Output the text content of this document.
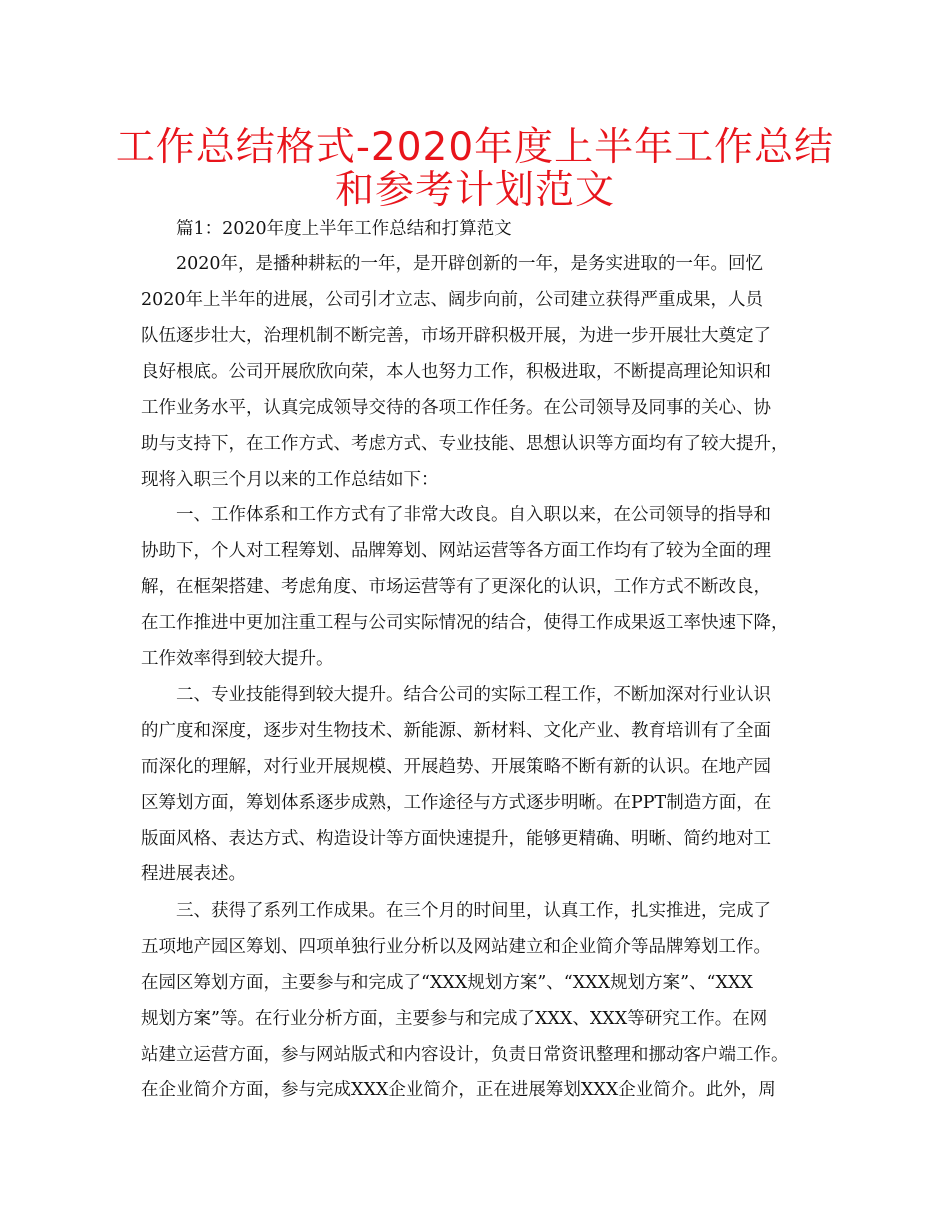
工作总结格式-2020年度上半年工作总结
和参考计划范文
篇1：2020年度上半年工作总结和打算范文
2020年，是播种耕耘的一年，是开辟创新的一年，是务实进取的一年。回忆
2020年上半年的进展，公司引才立志、阔步向前，公司建立获得严重成果，人员
队伍逐步壮大，治理机制不断完善，市场开辟积极开展，为进一步开展壮大奠定了
良好根底。公司开展欣欣向荣，本人也努力工作，积极进取，不断提高理论知识和
工作业务水平，认真完成领导交待的各项工作任务。在公司领导及同事的关心、协
助与支持下，在工作方式、考虑方式、专业技能、思想认识等方面均有了较大提升，
现将入职三个月以来的工作总结如下：
一、工作体系和工作方式有了非常大改良。自入职以来，在公司领导的指导和
协助下，个人对工程筹划、品牌筹划、网站运营等各方面工作均有了较为全面的理
解，在框架搭建、考虑角度、市场运营等有了更深化的认识，工作方式不断改良，
在工作推进中更加注重工程与公司实际情况的结合，使得工作成果返工率快速下降，
工作效率得到较大提升。
二、专业技能得到较大提升。结合公司的实际工程工作，不断加深对行业认识
的广度和深度，逐步对生物技术、新能源、新材料、文化产业、教育培训有了全面
而深化的理解，对行业开展规模、开展趋势、开展策略不断有新的认识。在地产园
区筹划方面，筹划体系逐步成熟，工作途径与方式逐步明晰。在PPT制造方面，在
版面风格、表达方式、构造设计等方面快速提升，能够更精确、明晰、简约地对工
程进展表述。
三、获得了系列工作成果。在三个月的时间里，认真工作，扎实推进，完成了
五项地产园区筹划、四项单独行业分析以及网站建立和企业简介等品牌筹划工作。
在园区筹划方面，主要参与和完成了“XXX规划方案”、“XXX规划方案”、“XXX
规划方案”等。在行业分析方面，主要参与和完成了XXX、XXX等研究工作。在网
站建立运营方面，参与网站版式和内容设计，负责日常资讯整理和挪动客户端工作。
在企业简介方面，参与完成XXX企业简介，正在进展筹划XXX企业简介。此外，周
